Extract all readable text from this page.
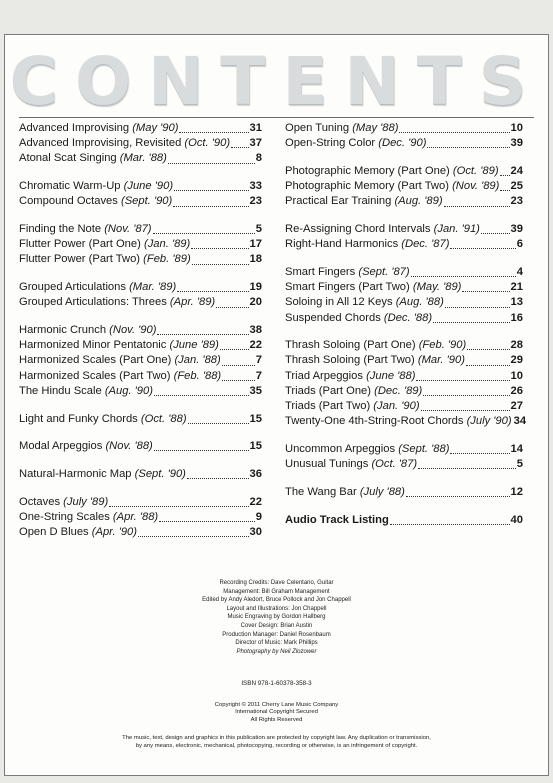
CONTENTS
Advanced Improvising (May '90)	31
Advanced Improvising, Revisited (Oct. '90) 37
Atonal Scat Singing (Mar. '88)	8
Chromatic Warm-Up (June '90)	33
Compound Octaves (Sept. '90)	23
Finding the Note (Nov. '87)	5
Flutter Power (Part One) (Jan. '89)	17
Flutter Power (Part Two) (Feb. '89)	18
Grouped Articulations (Mar. '89)	19
Grouped Articulations: Threes (Apr. '89)	20
Harmonic Crunch (Nov. '90)	38
Harmonized Minor Pentatonic (June '89)	22
Harmonized Scales (Part One) (Jan. '88)	7
Harmonized Scales (Part Two) (Feb. '88)	7
The Hindu Scale (Aug. '90)	35
Light and Funky Chords (Oct. '88)	15
Modal Arpeggios (Nov. '88)	15
Natural-Harmonic Map (Sept. '90)	36
Octaves (July '89)	22
One-String Scales (Apr. '88)	9
Open D Blues (Apr. '90)	30
Open Tuning (May '88)	10
Open-String Color (Dec. '90)	39
Photographic Memory (Part One) (Oct. '89) 24
Photographic Memory (Part Two) (Nov. '89) 25
Practical Ear Training (Aug. '89)	23
Re-Assigning Chord Intervals (Jan. '91)	39
Right-Hand Harmonics (Dec. '87)	6
Smart Fingers (Sept. '87)	4
Smart Fingers (Part Two) (May. '89)	21
Soloing in All 12 Keys (Aug. '88)	13
Suspended Chords (Dec. '88)	16
Thrash Soloing (Part One) (Feb. '90)	28
Thrash Soloing (Part Two) (Mar. '90)	29
Triad Arpeggios (June '88)	10
Triads (Part One) (Dec. '89)	26
Triads (Part Two) (Jan. '90)	27
Twenty-One 4th-String-Root Chords (July '90) 34
Uncommon Arpeggios (Sept. '88)	14
Unusual Tunings (Oct. '87)	5
The Wang Bar (July '88)	12
Audio Track Listing	40
Recording Credits: Dave Celentano, Guitar
Management: Bill Graham Management
Edited by Andy Aledort, Bruce Pollock and Jon Chappell
Layout and Illustrations: Jon Chappell
Music Engraving by Gordon Hallberg
Cover Design: Brian Austin
Production Manager: Daniel Rosenbaum
Director of Music: Mark Phillips
Photography by Neil Zlozower
ISBN 978-1-60378-358-3
Copyright © 2011 Cherry Lane Music Company
International Copyright Secured
All Rights Reserved
The music, text, design and graphics in this publication are protected by copyright law. Any duplication or transmission,
by any means, electronic, mechanical, photocopying, recording or otherwise, is an infringement of copyright.
